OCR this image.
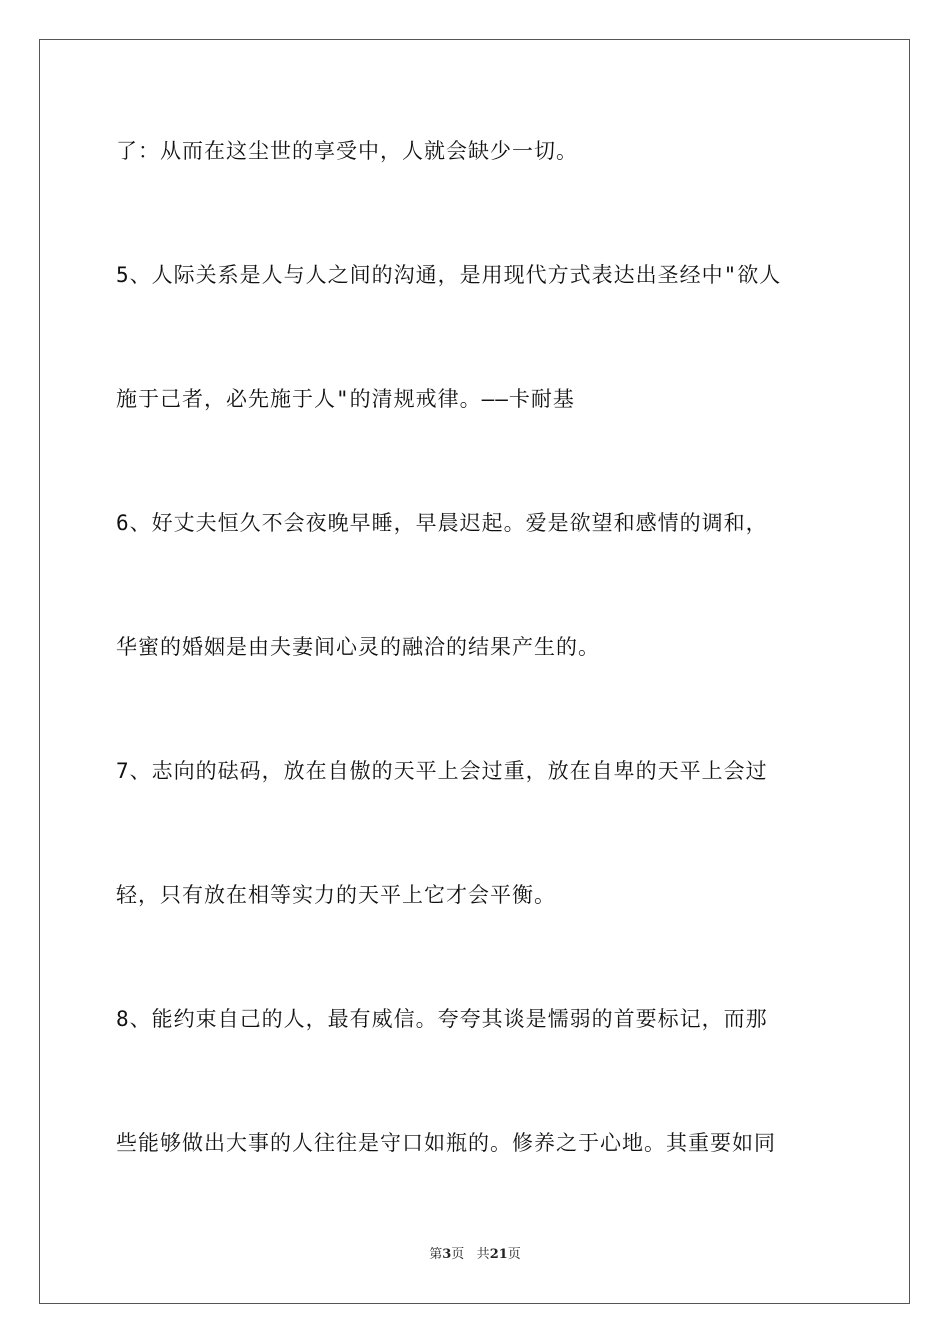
了：从而在这尘世的享受中，人就会缺少一切。
5、人际关系是人与人之间的沟通，是用现代方式表达出圣经中"欲人
施于己者，必先施于人"的清规戒律。——卡耐基
6、好丈夫恒久不会夜晚早睡，早晨迟起。爱是欲望和感情的调和，
华蜜的婚姻是由夫妻间心灵的融洽的结果产生的。
7、志向的砝码，放在自傲的天平上会过重，放在自卑的天平上会过
轻，只有放在相等实力的天平上它才会平衡。
8、能约束自己的人，最有威信。夸夸其谈是懦弱的首要标记，而那
些能够做出大事的人往往是守口如瓶的。修养之于心地。其重要如同
第3页 共21页
